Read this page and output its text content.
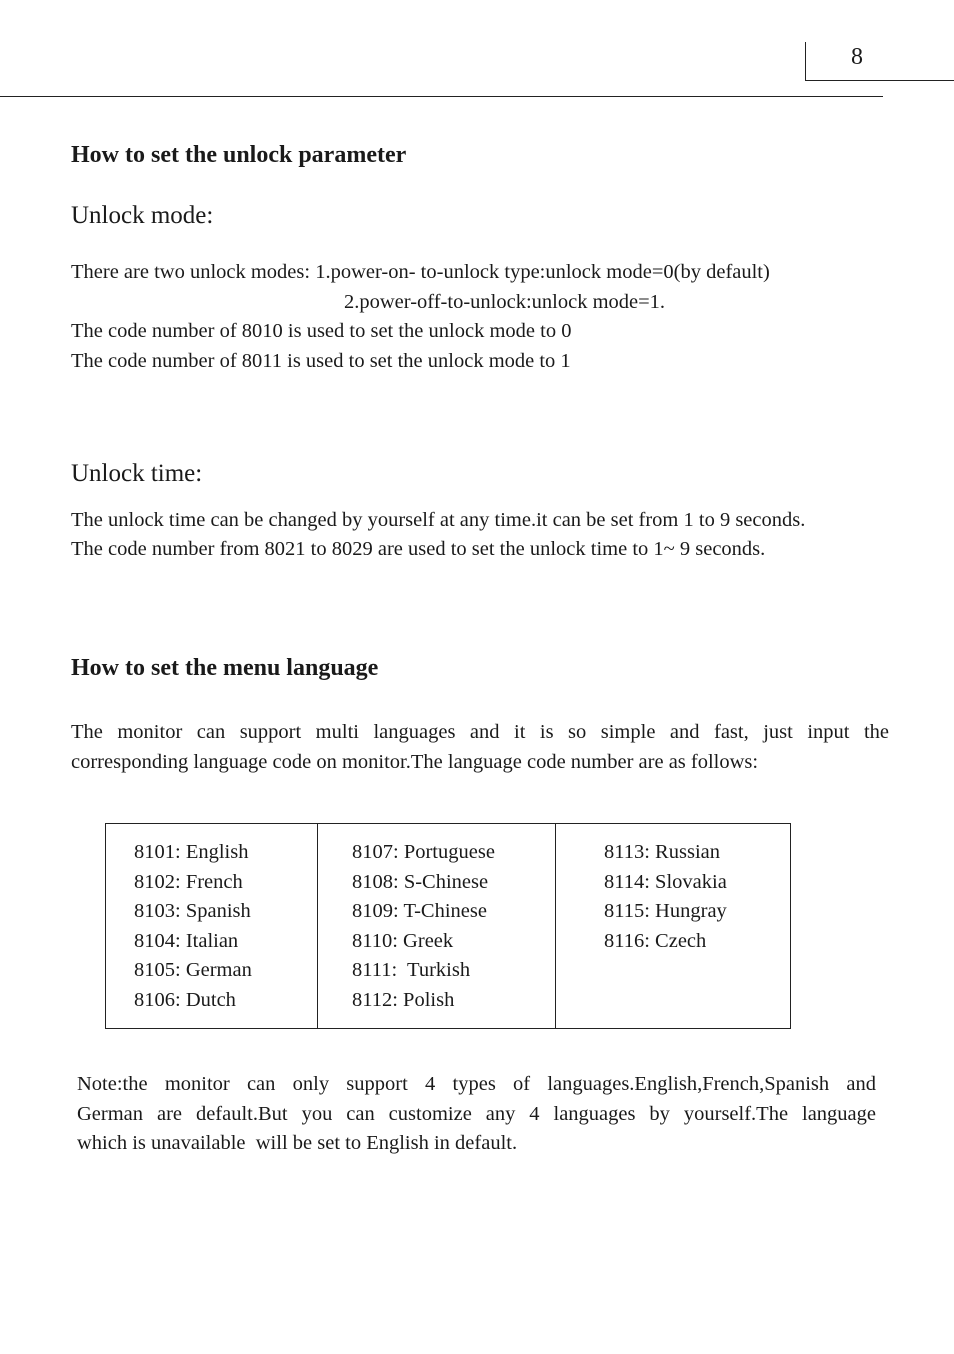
8
How to set the unlock parameter
Unlock mode:
There are two unlock modes: 1.power-on- to-unlock type:unlock mode=0(by default)
2.power-off-to-unlock:unlock mode=1.
The code number of 8010 is used to set the unlock mode to 0
The code number of 8011 is used to set the unlock mode to 1
Unlock time:
The unlock time can be changed by yourself at any time.it can be set from 1 to 9 seconds.
The code number from 8021 to 8029 are used to set the unlock time to 1~ 9 seconds.
How to set the menu language
The monitor can support multi languages and it is so simple and fast, just input the
corresponding language code on monitor.The language code number are as follows:
8101: English
8102: French
8103: Spanish
8104: Italian
8105: German
8106: Dutch
8107: Portuguese
8108: S-Chinese
8109: T-Chinese
8110: Greek
8111:  Turkish
8112: Polish
8113: Russian
8114: Slovakia
8115: Hungray
8116: Czech
Note:the monitor can only support 4 types of languages.English,French,Spanish and
German are default.But you can customize any 4 languages by yourself.The language
which is unavailable  will be set to English in default.
